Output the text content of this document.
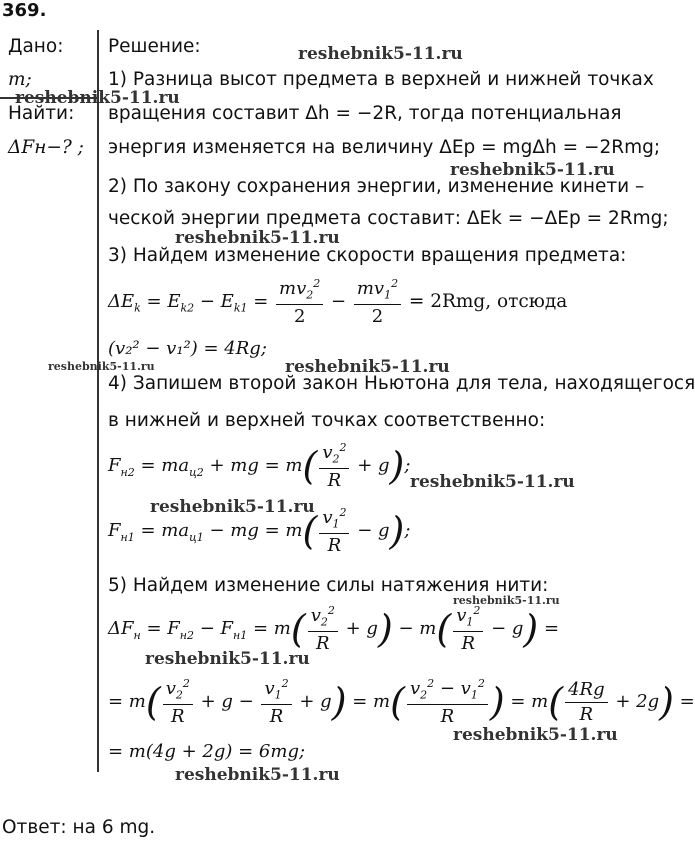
369.
Дано:
m;
Найти:
ΔFн−? ;
Решение:
1) Разница высот предмета в верхней и нижней точках
вращения составит Δh = −2R, тогда потенциальная
энергия изменяется на величину ΔEp = mgΔh = −2Rmg;
2) По закону сохранения энергии, изменение кинети –
ческой энергии предмета составит: ΔEk = −ΔEp = 2Rmg;
3) Найдем изменение скорости вращения предмета:
$\Delta E_k = E_{k2} - E_{k1} = \frac{mv_2^2}{2} - \frac{mv_1^2}{2} = 2Rmg$, отсюда
(v₂² − v₁²) = 4Rg;
4) Запишем второй закон Ньютона для тела, находящегося
в нижней и верхней точках соответственно:
$F_{н2} = ma_{ц2}$ + mg = $m( \frac{v_2^2}{R} + g)$;
$F_{н1} = ma_{ц1}$ − mg = $m( \frac{v_1^2}{R} - g)$;
5) Найдем изменение силы натяжения нити:
$\Delta F_н = F_{н2} - F_{н1} = m( \frac{v_2^2}{R} + g) - m( \frac{v_1^2}{R} - g)$ =
= $m( \frac{v_2^2}{R} + g - \frac{v_1^2}{R} + g) = m( \frac{v_2^2 - v_1^2}{R}$ ) = $m( \frac{4Rg}{R} + 2g)$ =
= m(4g + 2g) = 6mg;
Ответ: на 6 mg.
reshebnik5-11.ru
reshebnik5-11.ru
reshebnik5-11.ru
reshebnik5-11.ru
reshebnik5-11.ru	reshebnik5-11.ru
reshebnik5-11.ru
reshebnik5-11.ru
reshebnik5-11.ru
reshebnik5-11.ru
reshebnik5-11.ru
reshebnik5-11.ru
